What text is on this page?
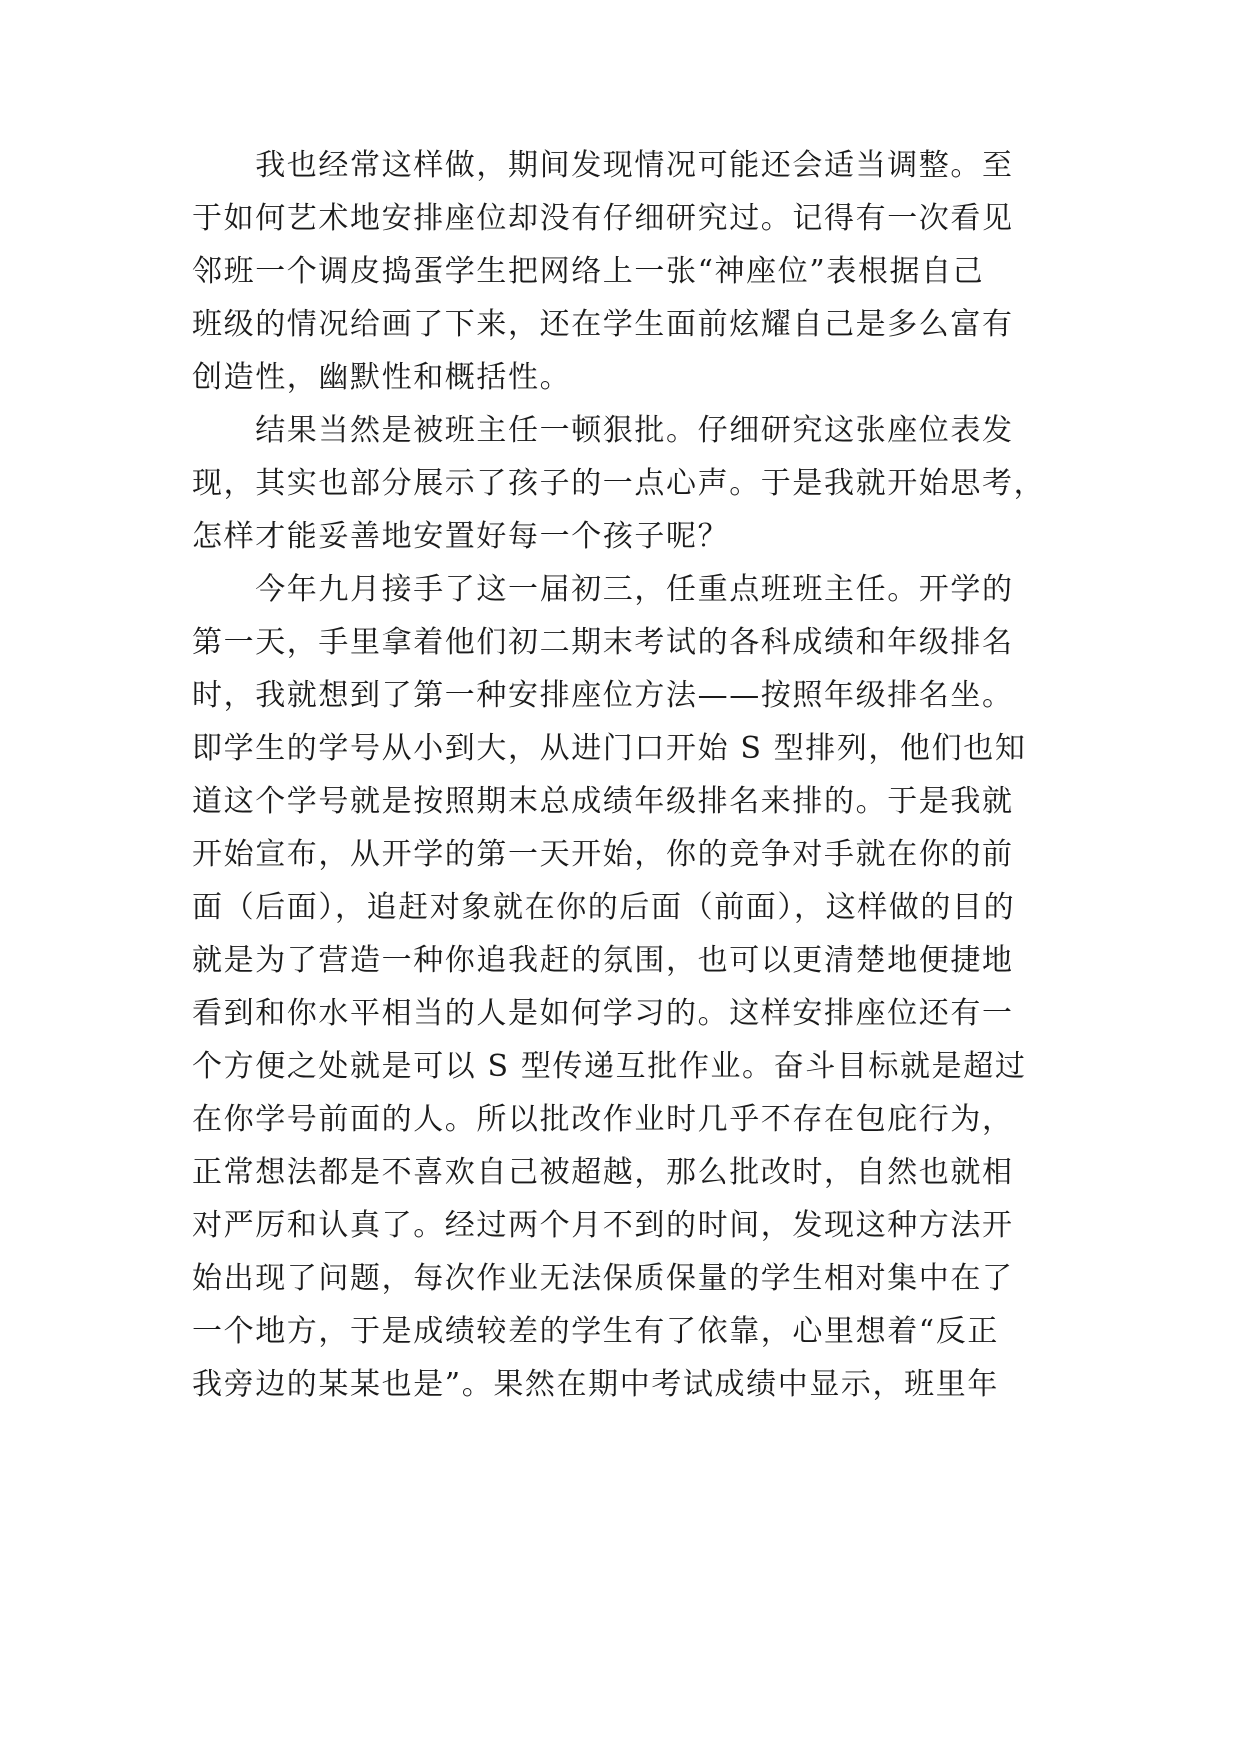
　　我也经常这样做，期间发现情况可能还会适当调整。至
于如何艺术地安排座位却没有仔细研究过。记得有一次看见
邻班一个调皮捣蛋学生把网络上一张“神座位”表根据自己
班级的情况给画了下来，还在学生面前炫耀自己是多么富有
创造性，幽默性和概括性。
　　结果当然是被班主任一顿狠批。仔细研究这张座位表发
现，其实也部分展示了孩子的一点心声。于是我就开始思考，
怎样才能妥善地安置好每一个孩子呢？
　　今年九月接手了这一届初三，任重点班班主任。开学的
第一天，手里拿着他们初二期末考试的各科成绩和年级排名
时，我就想到了第一种安排座位方法——按照年级排名坐。
即学生的学号从小到大，从进门口开始 S 型排列，他们也知
道这个学号就是按照期末总成绩年级排名来排的。于是我就
开始宣布，从开学的第一天开始，你的竞争对手就在你的前
面（后面），追赶对象就在你的后面（前面），这样做的目的
就是为了营造一种你追我赶的氛围，也可以更清楚地便捷地
看到和你水平相当的人是如何学习的。这样安排座位还有一
个方便之处就是可以 S 型传递互批作业。奋斗目标就是超过
在你学号前面的人。所以批改作业时几乎不存在包庇行为，
正常想法都是不喜欢自己被超越，那么批改时，自然也就相
对严厉和认真了。经过两个月不到的时间，发现这种方法开
始出现了问题，每次作业无法保质保量的学生相对集中在了
一个地方，于是成绩较差的学生有了依靠，心里想着“反正
我旁边的某某也是”。果然在期中考试成绩中显示，班里年
